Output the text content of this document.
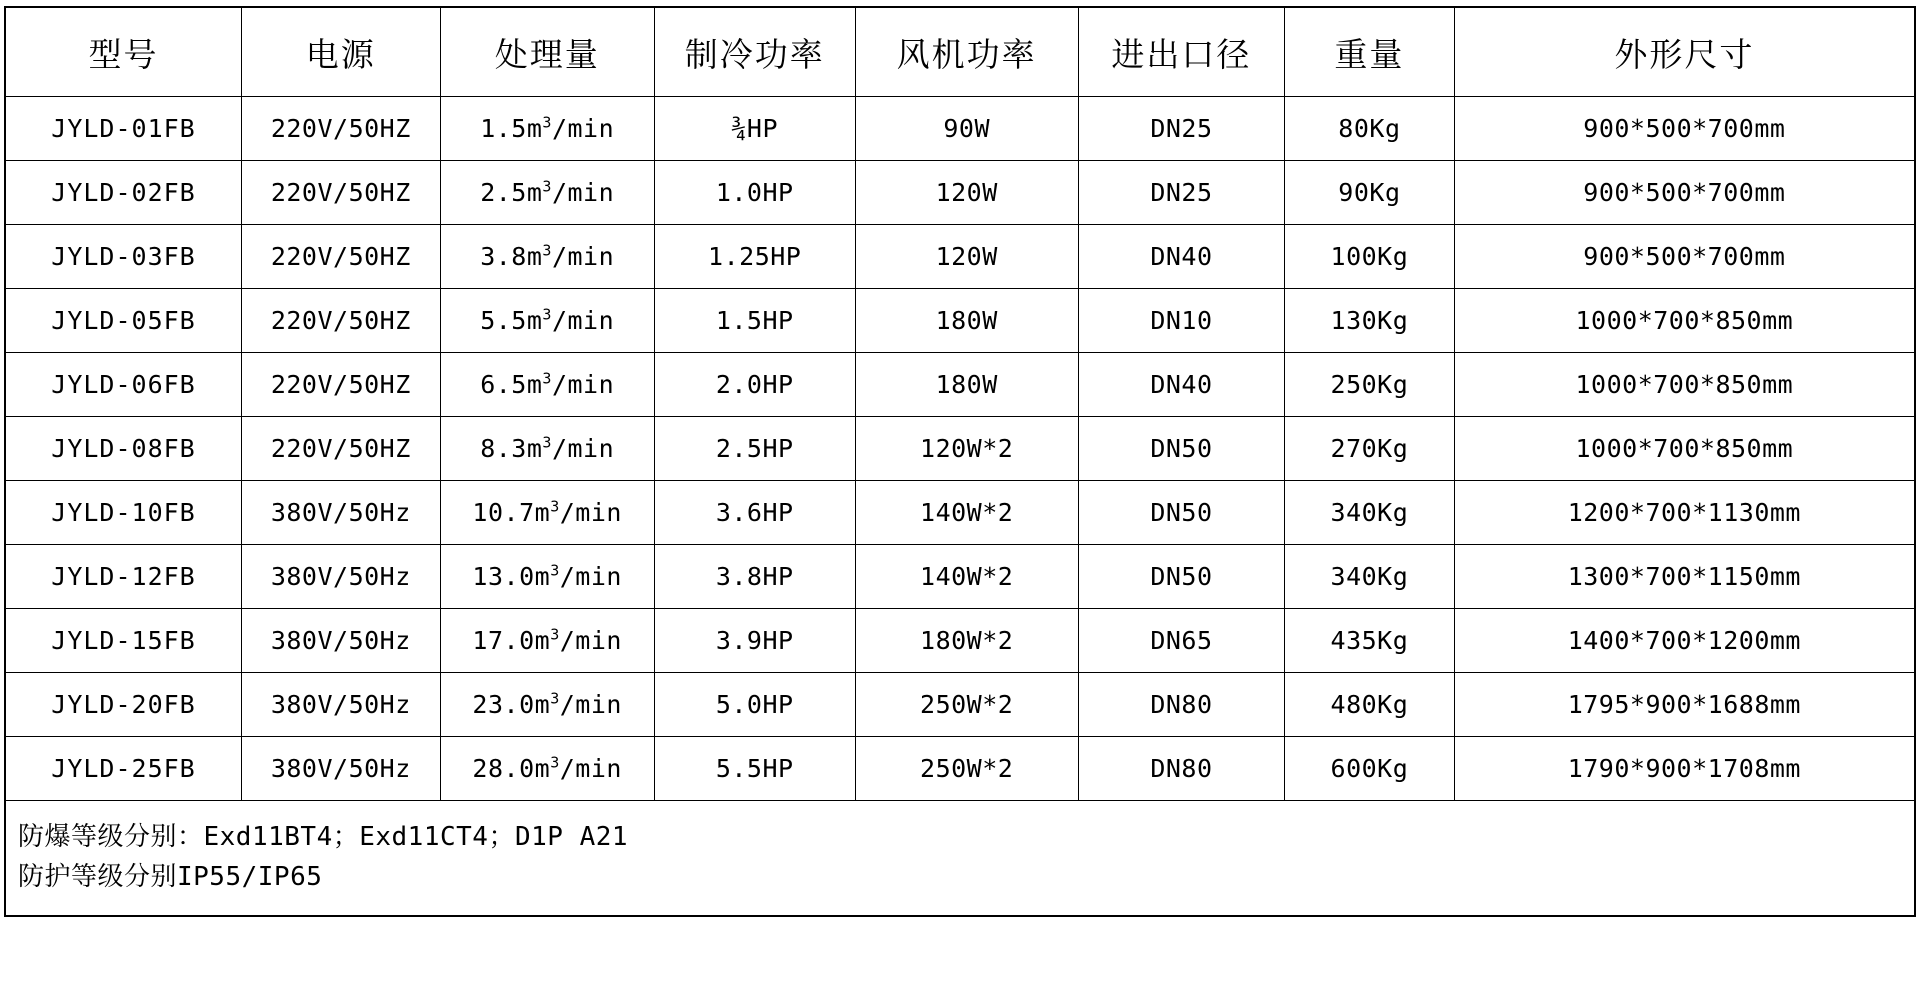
型号	电源	处理量	制冷功率	风机功率	进出口径	重量	外形尺寸
JYLD-01FB	220V/50HZ	$1.5m^3/\min$	¾HP	90W	DN25	80Kg	900*500*700mm
JYLD-02FB	220V/50HZ	$2.5m^3/\min$	1.0HP	120W	DN25	90Kg	900*500*700mm
JYLD-03FB	220V/50HZ	$3.8m^3/\min$	1.25HP	120W	DN40	100Kg	900*500*700mm
JYLD-05FB	220V/50HZ	$5.5m^3/\min$	1.5HP	180W	DN10	130Kg	1000*700*850mm
JYLD-06FB	220V/50HZ	$6.5m^3/\min$	2.0HP	180W	DN40	250Kg	1000*700*850mm
JYLD-08FB	220V/50HZ	$8.3m^3/\min$	2.5HP	120W*2	DN50	270Kg	1000*700*850mm
JYLD-10FB	380V/50Hz	$10.7m^3/\min$	3.6HP	140W*2	DN50	340Kg	1200*700*1130mm
JYLD-12FB	380V/50Hz	$13.0m^3/\min$	3.8HP	140W*2	DN50	340Kg	1300*700*1150mm
JYLD-15FB	380V/50Hz	$17.0m^3/\min$	3.9HP	180W*2	DN65	435Kg	1400*700*1200mm
JYLD-20FB	380V/50Hz	$23.0m^3/\min$	5.0HP	250W*2	DN80	480Kg	1795*900*1688mm
JYLD-25FB	380V/50Hz	$28.0m^3/\min$	5.5HP	250W*2	DN80	600Kg	1790*900*1708mm

防爆等级分别：Exd11BT4；Exd11CT4；D1P A21
防护等级分别IP55/IP65							
